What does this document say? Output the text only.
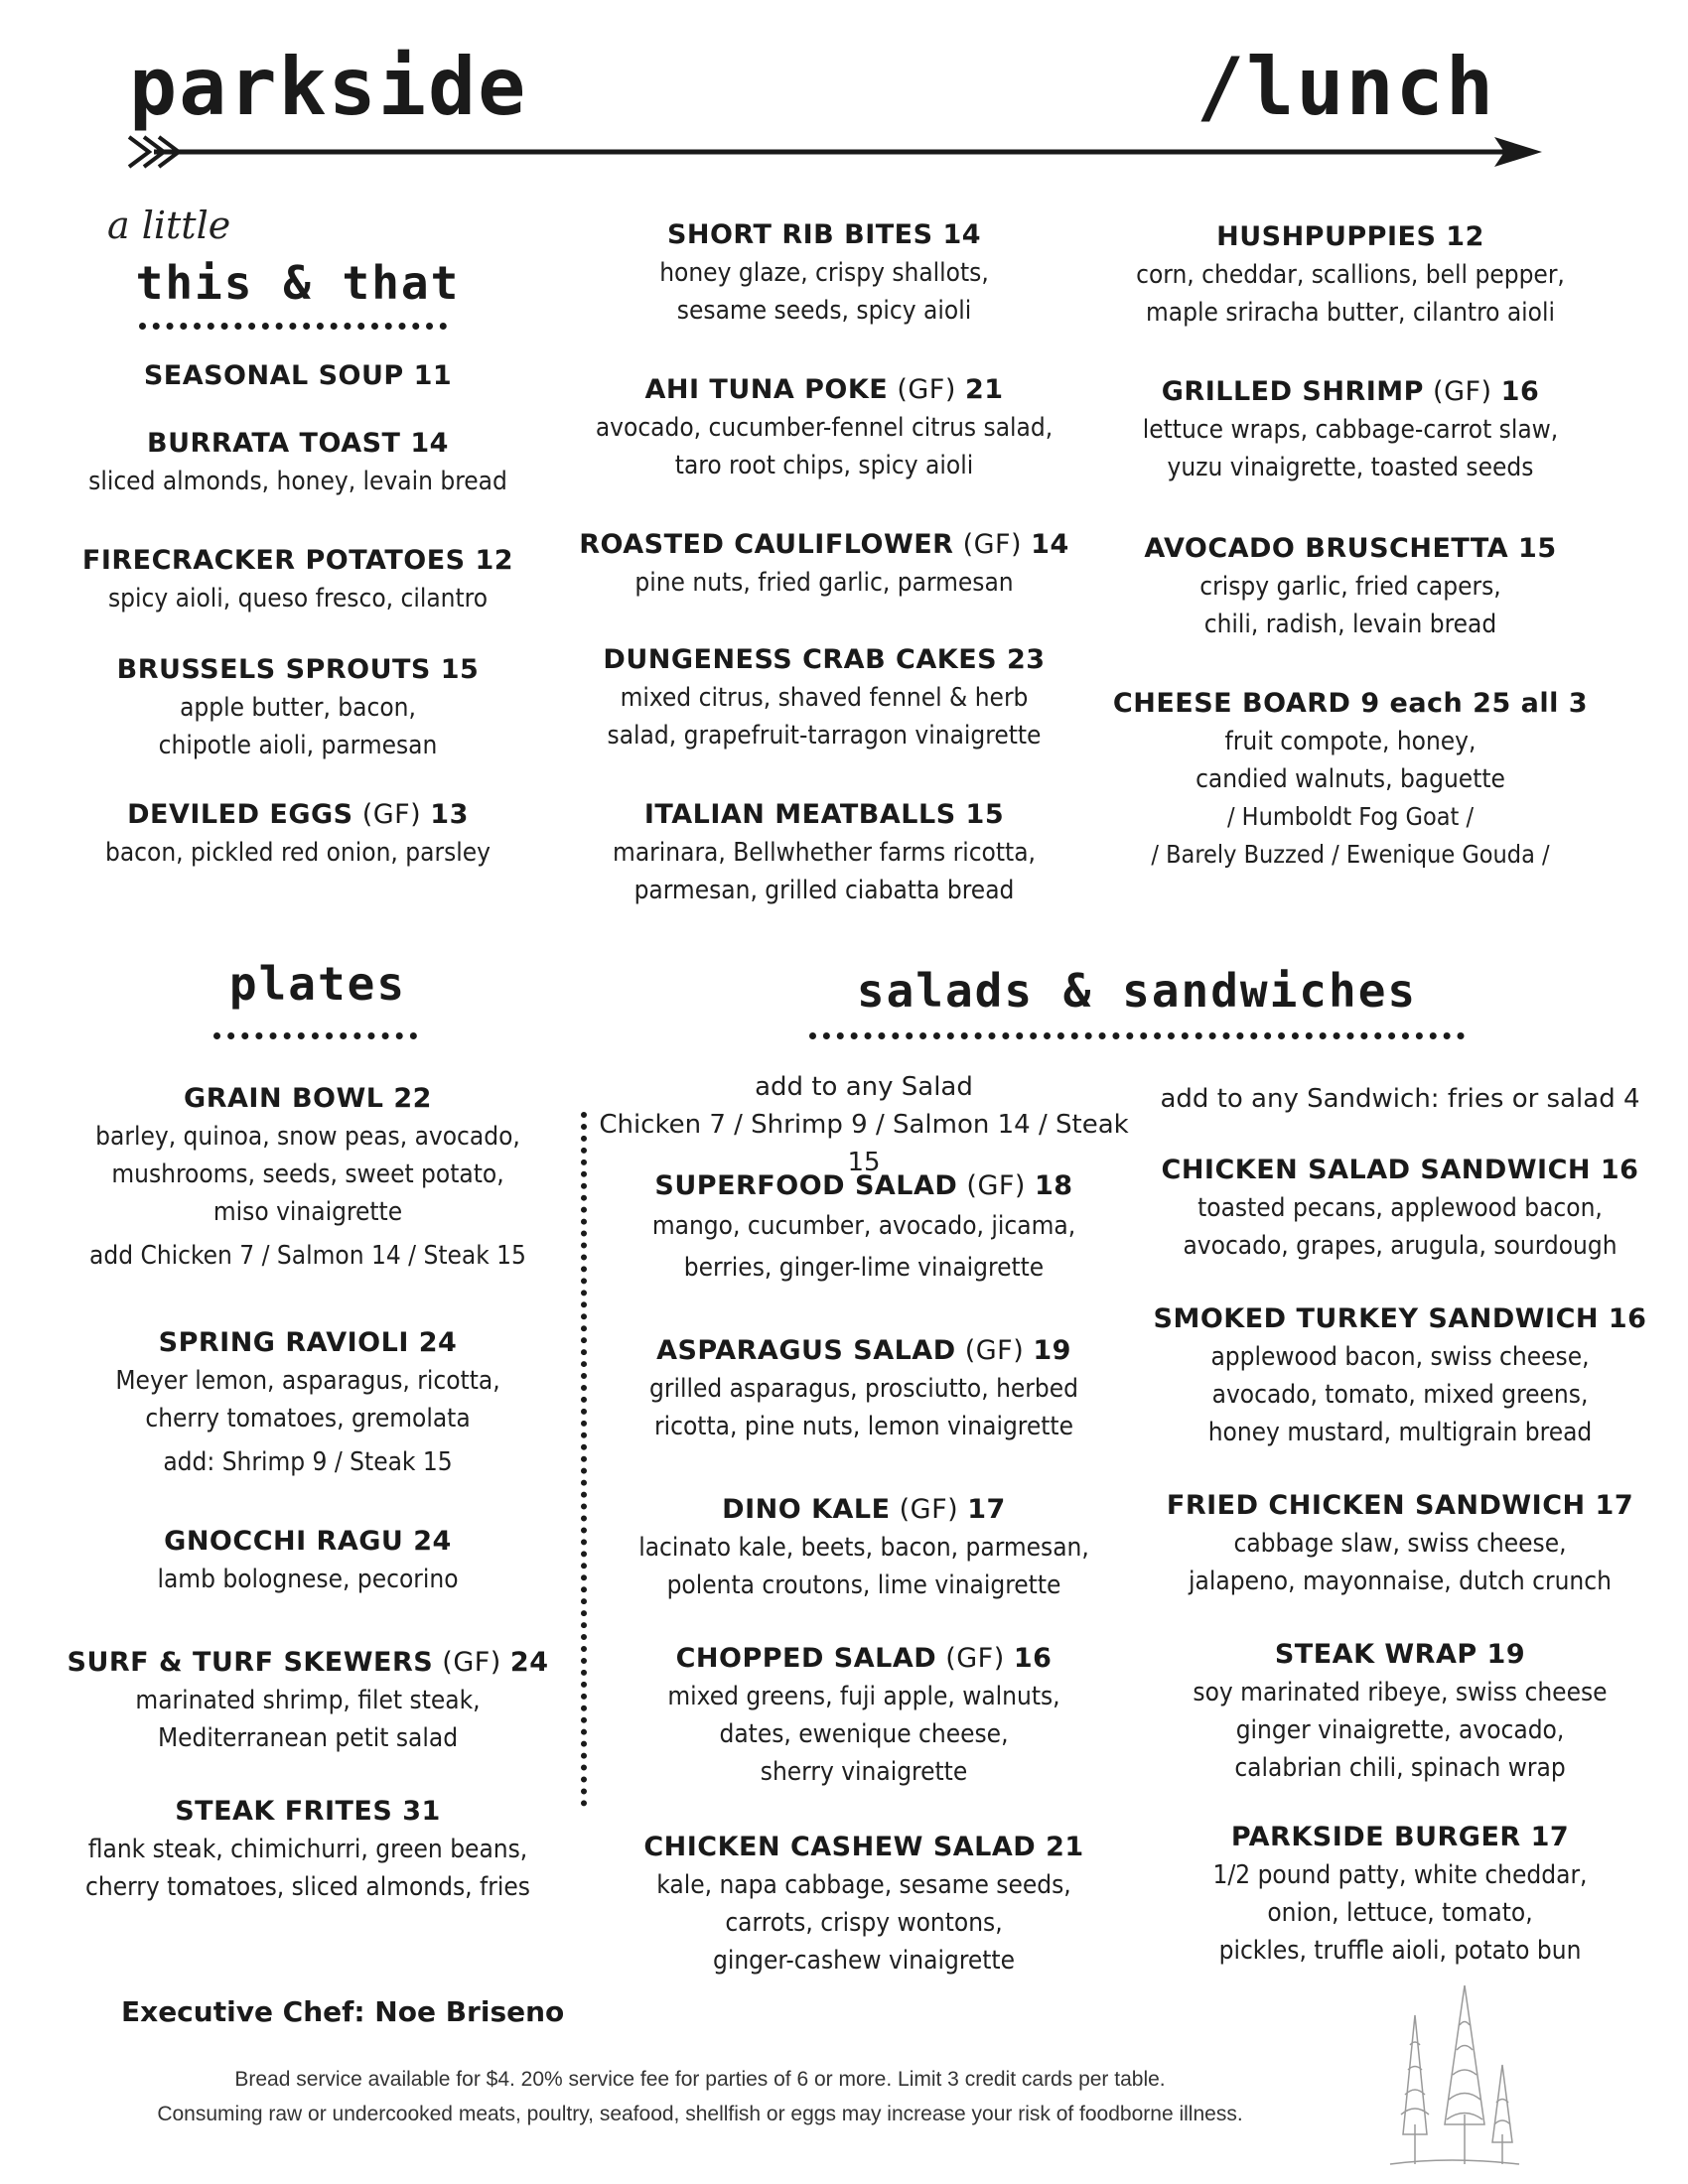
parkside	/lunch
a little
this & that
SEASONAL SOUP 11
BURRATA TOAST 14
sliced almonds, honey, levain bread
FIRECRACKER POTATOES 12
spicy aioli, queso fresco, cilantro
BRUSSELS SPROUTS 15
apple butter, bacon,
chipotle aioli, parmesan
DEVILED EGGS (GF) 13
bacon, pickled red onion, parsley
SHORT RIB BITES 14
honey glaze, crispy shallots,
sesame seeds, spicy aioli
AHI TUNA POKE (GF) 21
avocado, cucumber-fennel citrus salad,
taro root chips, spicy aioli
ROASTED CAULIFLOWER (GF) 14
pine nuts, fried garlic, parmesan
DUNGENESS CRAB CAKES 23
mixed citrus, shaved fennel & herb
salad, grapefruit-tarragon vinaigrette
ITALIAN MEATBALLS 15
marinara, Bellwhether farms ricotta,
parmesan, grilled ciabatta bread
HUSHPUPPIES 12
corn, cheddar, scallions, bell pepper,
maple sriracha butter, cilantro aioli
GRILLED SHRIMP (GF) 16
lettuce wraps, cabbage-carrot slaw,
yuzu vinaigrette, toasted seeds
AVOCADO BRUSCHETTA 15
crispy garlic, fried capers,
chili, radish, levain bread
CHEESE BOARD 9 each 25 all 3
fruit compote, honey,
candied walnuts, baguette
/ Humboldt Fog Goat /
/ Barely Buzzed / Ewenique Gouda /
plates
GRAIN BOWL 22
barley, quinoa, snow peas, avocado,
mushrooms, seeds, sweet potato,
miso vinaigrette
add Chicken 7 / Salmon 14 / Steak 15
SPRING RAVIOLI 24
Meyer lemon, asparagus, ricotta,
cherry tomatoes, gremolata
add: Shrimp 9 / Steak 15
GNOCCHI RAGU 24
lamb bolognese, pecorino
SURF & TURF SKEWERS (GF) 24
marinated shrimp, filet steak,
Mediterranean petit salad
STEAK FRITES 31
flank steak, chimichurri, green beans,
cherry tomatoes, sliced almonds, fries
salads & sandwiches
add to any Salad
Chicken 7 / Shrimp 9 / Salmon 14 / Steak 15
SUPERFOOD SALAD (GF) 18
mango, cucumber, avocado, jicama,
berries, ginger-lime vinaigrette
ASPARAGUS SALAD (GF) 19
grilled asparagus, prosciutto, herbed
ricotta, pine nuts, lemon vinaigrette
DINO KALE (GF) 17
lacinato kale, beets, bacon, parmesan,
polenta croutons, lime vinaigrette
CHOPPED SALAD (GF) 16
mixed greens, fuji apple, walnuts,
dates, ewenique cheese,
sherry vinaigrette
CHICKEN CASHEW SALAD 21
kale, napa cabbage, sesame seeds,
carrots, crispy wontons,
ginger-cashew vinaigrette
add to any Sandwich: fries or salad 4
CHICKEN SALAD SANDWICH 16
toasted pecans, applewood bacon,
avocado, grapes, arugula, sourdough
SMOKED TURKEY SANDWICH 16
applewood bacon, swiss cheese,
avocado, tomato, mixed greens,
honey mustard, multigrain bread
FRIED CHICKEN SANDWICH 17
cabbage slaw, swiss cheese,
jalapeno, mayonnaise, dutch crunch
STEAK WRAP 19
soy marinated ribeye, swiss cheese
ginger vinaigrette, avocado,
calabrian chili, spinach wrap
PARKSIDE BURGER 17
1/2 pound patty, white cheddar,
onion, lettuce, tomato,
pickles, truffle aioli, potato bun
Executive Chef: Noe Briseno
Bread service available for $4. 20% service fee for parties of 6 or more. Limit 3 credit cards per table.
Consuming raw or undercooked meats, poultry, seafood, shellfish or eggs may increase your risk of foodborne illness.
